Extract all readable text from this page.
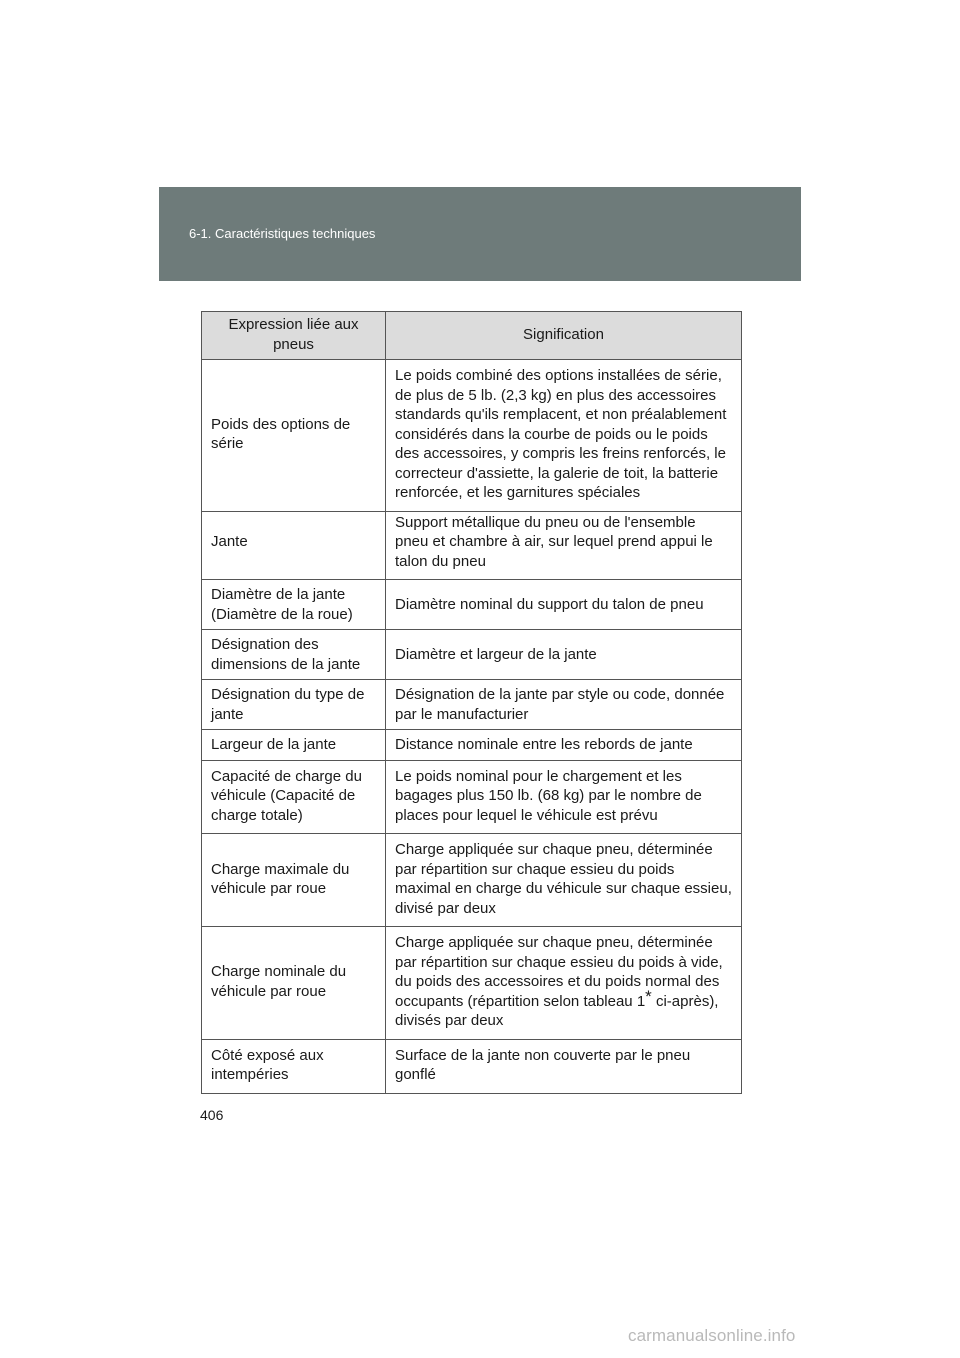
6-1. Caractéristiques techniques
Expression liée aux pneus	Signification
Poids des options de série	Le poids combiné des options installées de série, de plus de 5 lb. (2,3 kg) en plus des accessoires standards qu'ils remplacent, et non préalablement considérés dans la courbe de poids ou le poids des accessoires, y compris les freins renforcés, le correcteur d'assiette, la galerie de toit, la batterie renforcée, et les garnitures spéciales
Jante	Support métallique du pneu ou de l'ensemble pneu et chambre à air, sur lequel prend appui le talon du pneu
Diamètre de la jante (Diamètre de la roue)	Diamètre nominal du support du talon de pneu
Désignation des dimensions de la jante	Diamètre et largeur de la jante
Désignation du type de jante	Désignation de la jante par style ou code, donnée par le manufacturier
Largeur de la jante	Distance nominale entre les rebords de jante
Capacité de charge du véhicule (Capacité de charge totale)	Le poids nominal pour le chargement et les bagages plus 150 lb. (68 kg) par le nombre de places pour lequel le véhicule est prévu
Charge maximale du véhicule par roue	Charge appliquée sur chaque pneu, déterminée par répartition sur chaque essieu du poids maximal en charge du véhicule sur chaque essieu, divisé par deux
Charge nominale du véhicule par roue	Charge appliquée sur chaque pneu, déterminée par répartition sur chaque essieu du poids à vide, du poids des accessoires et du poids normal des occupants (répartition selon tableau 1* ci-après), divisés par deux
Côté exposé aux intempéries	Surface de la jante non couverte par le pneu gonflé
406
carmanualsonline.info
